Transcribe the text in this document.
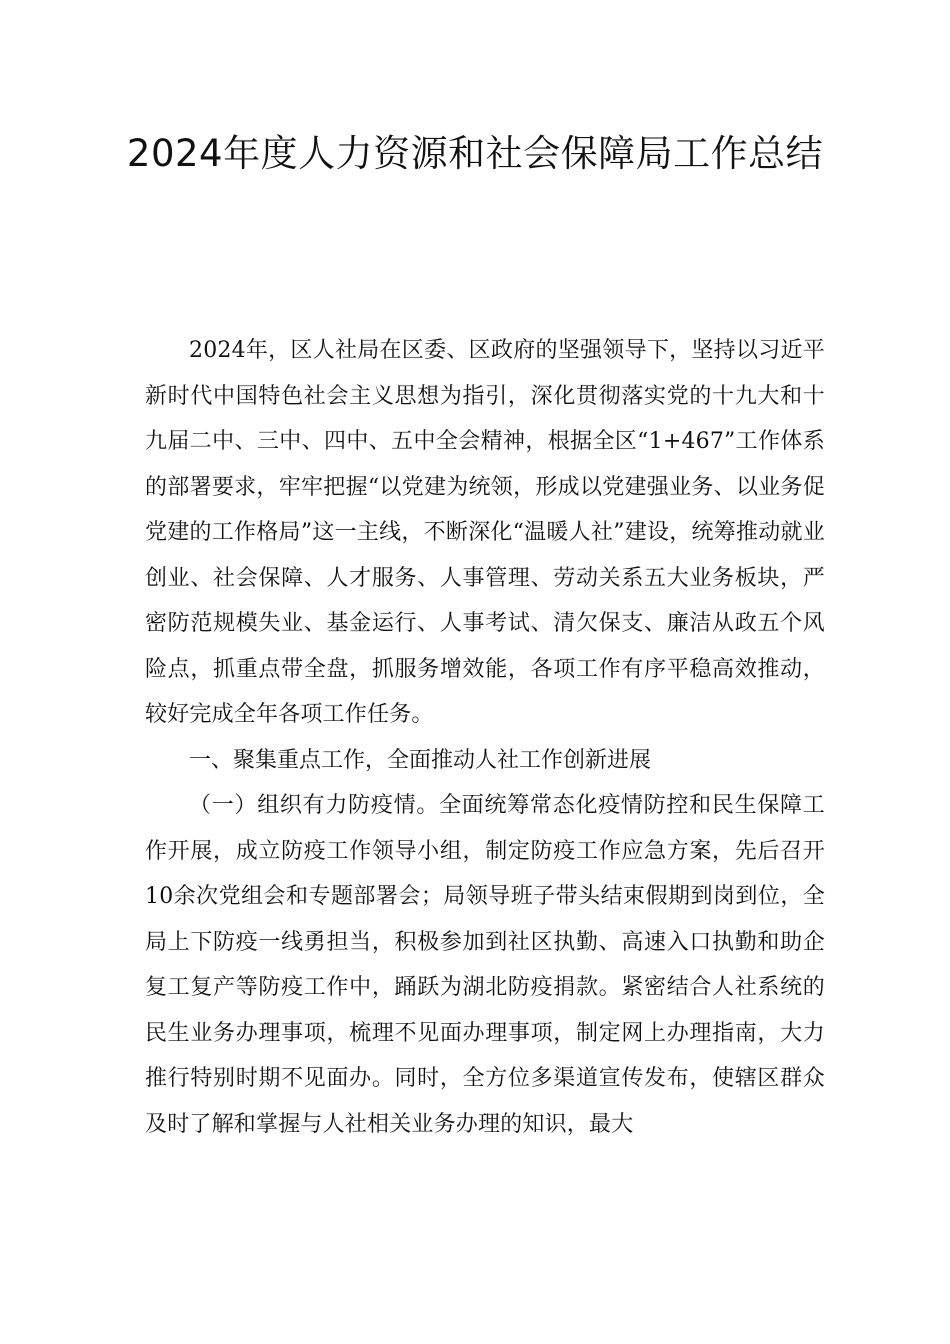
2024年度人力资源和社会保障局工作总结

2024年，区人社局在区委、区政府的坚强领导下，坚持以习近平新时代中国特色社会主义思想为指引，深化贯彻落实党的十九大和十九届二中、三中、四中、五中全会精神，根据全区“1+467”工作体系的部署要求，牢牢把握“以党建为统领，形成以党建强业务、以业务促党建的工作格局”这一主线，不断深化“温暖人社”建设，统筹推动就业创业、社会保障、人才服务、人事管理、劳动关系五大业务板块，严密防范规模失业、基金运行、人事考试、清欠保支、廉洁从政五个风险点，抓重点带全盘，抓服务增效能，各项工作有序平稳高效推动，较好完成全年各项工作任务。

一、聚集重点工作，全面推动人社工作创新进展

（一）组织有力防疫情。全面统筹常态化疫情防控和民生保障工作开展，成立防疫工作领导小组，制定防疫工作应急方案，先后召开10余次党组会和专题部署会；局领导班子带头结束假期到岗到位，全局上下防疫一线勇担当，积极参加到社区执勤、高速入口执勤和助企复工复产等防疫工作中，踊跃为湖北防疫捐款。紧密结合人社系统的民生业务办理事项，梳理不见面办理事项，制定网上办理指南，大力推行特别时期不见面办。同时，全方位多渠道宣传发布，使辖区群众及时了解和掌握与人社相关业务办理的知识，最大
